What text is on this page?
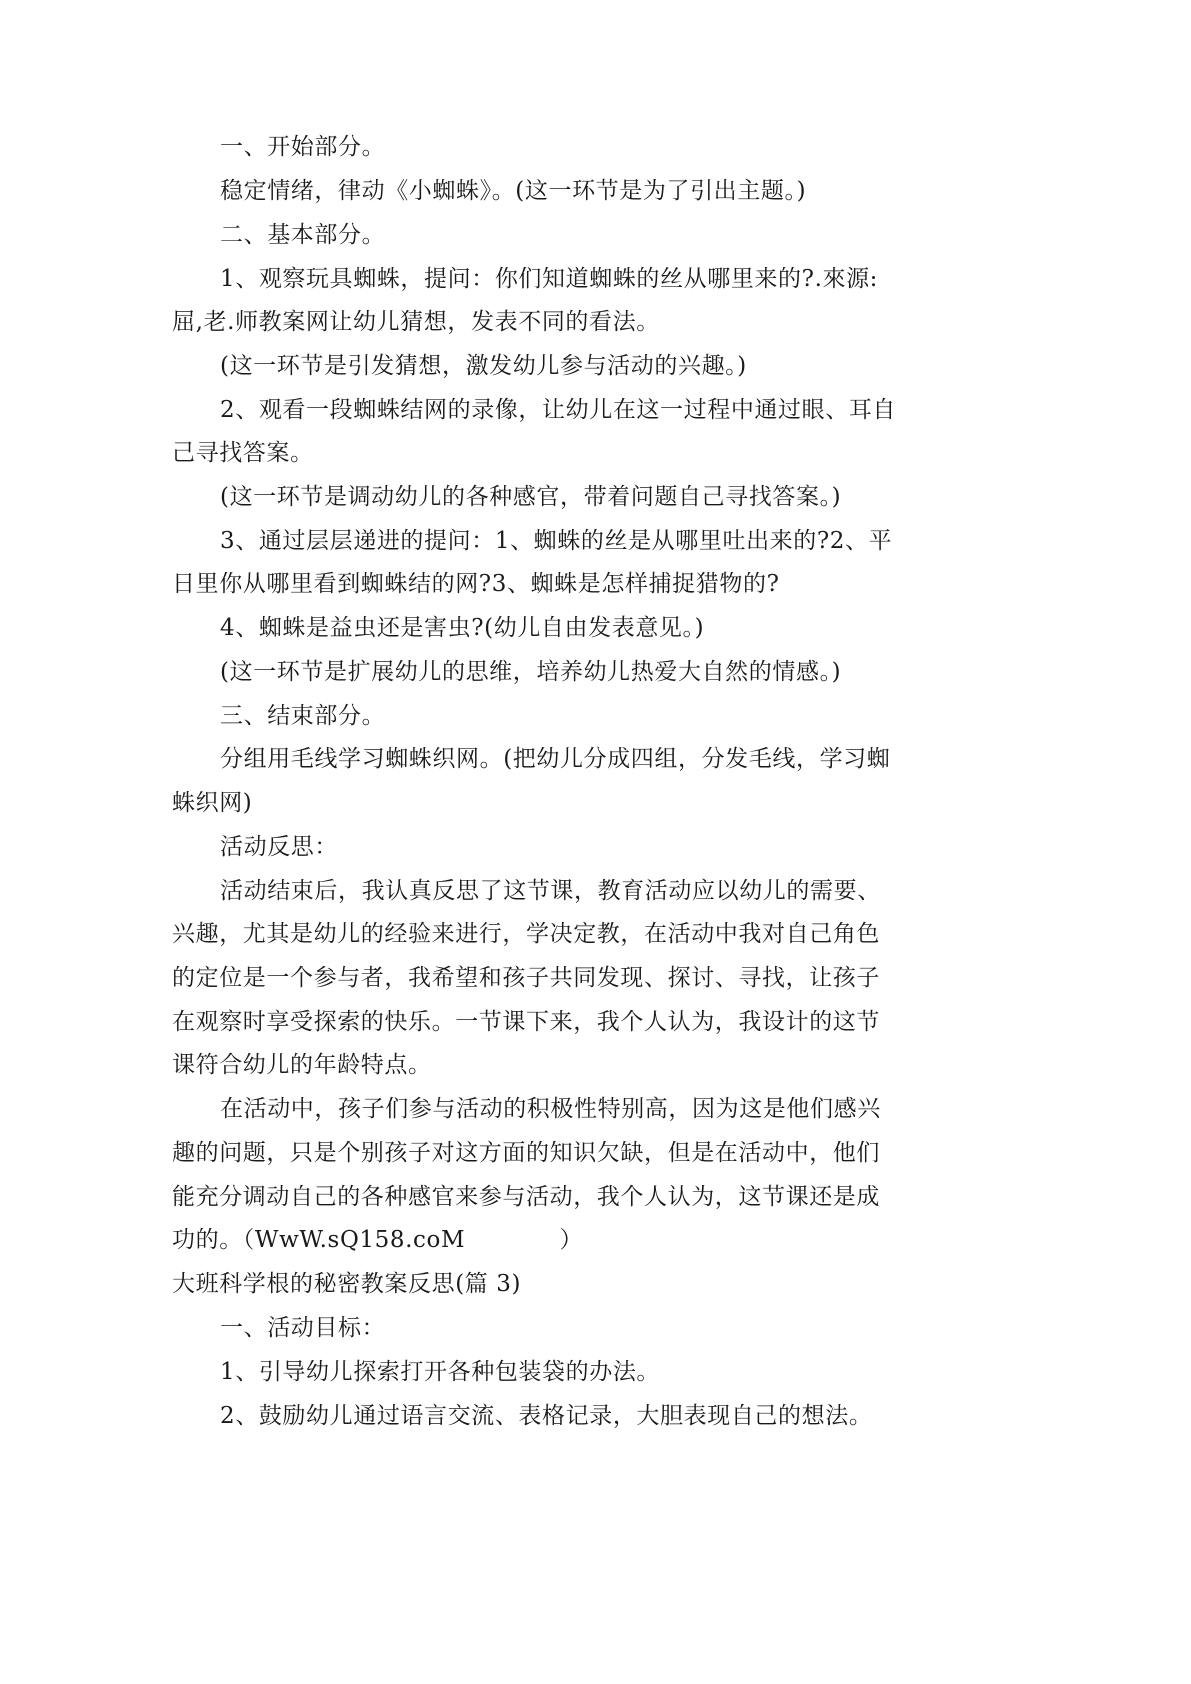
一、开始部分。
稳定情绪，律动《小蜘蛛》。(这一环节是为了引出主题。)
二、基本部分。
1、观察玩具蜘蛛，提问：你们知道蜘蛛的丝从哪里来的?.來源:
屈,老.师教案网让幼儿猜想，发表不同的看法。
(这一环节是引发猜想，激发幼儿参与活动的兴趣。)
2、观看一段蜘蛛结网的录像，让幼儿在这一过程中通过眼、耳自
己寻找答案。
(这一环节是调动幼儿的各种感官，带着问题自己寻找答案。)
3、通过层层递进的提问：1、蜘蛛的丝是从哪里吐出来的?2、平
日里你从哪里看到蜘蛛结的网?3、蜘蛛是怎样捕捉猎物的?
4、蜘蛛是益虫还是害虫?(幼儿自由发表意见。)
(这一环节是扩展幼儿的思维，培养幼儿热爱大自然的情感。)
三、结束部分。
分组用毛线学习蜘蛛织网。(把幼儿分成四组，分发毛线，学习蜘
蛛织网)
活动反思：
活动结束后，我认真反思了这节课，教育活动应以幼儿的需要、
兴趣，尤其是幼儿的经验来进行，学决定教，在活动中我对自己角色
的定位是一个参与者，我希望和孩子共同发现、探讨、寻找，让孩子
在观察时享受探索的快乐。一节课下来，我个人认为，我设计的这节
课符合幼儿的年龄特点。
在活动中，孩子们参与活动的积极性特别高，因为这是他们感兴
趣的问题，只是个别孩子对这方面的知识欠缺，但是在活动中，他们
能充分调动自己的各种感官来参与活动，我个人认为，这节课还是成
功的。（WwW.sQ158.coM　　　　）
大班科学根的秘密教案反思(篇 3)
一、活动目标：
1、引导幼儿探索打开各种包装袋的办法。
2、鼓励幼儿通过语言交流、表格记录，大胆表现自己的想法。
